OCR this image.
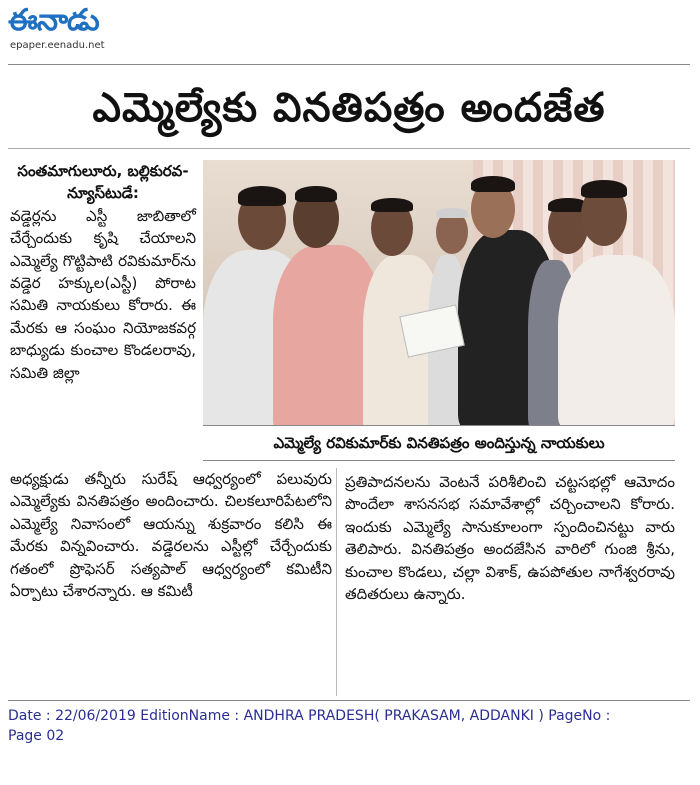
ఈనాడు
epaper.eenadu.net
ఎమ్మెల్యేకు వినతిపత్రం అందజేత

సంతమాగులూరు, బల్లికురవ- న్యూస్‌టుడే:

వడ్డెర్లను ఎస్టీ జాబితాలో చేర్చేందుకు కృషి చేయాలని ఎమ్మెల్యే గొట్టిపాటి రవికుమార్‌ను వడ్డెర హక్కుల(ఎస్టీ) పోరాట సమితి నాయకులు కోరారు. ఈ మేరకు ఆ సంఘం నియోజకవర్గ బాధ్యుడు కుంచాల కొండలరావు, సమితి జిల్లా

ఎమ్మెల్యే రవికుమార్‌కు వినతిపత్రం అందిస్తున్న నాయకులు

అధ్యక్షుడు తన్నీరు సురేష్ ఆధ్వర్యంలో పలువురు ఎమ్మెల్యేకు వినతిపత్రం అందించారు. చిలకలూరిపేటలోని ఎమ్మెల్యే నివాసంలో ఆయన్ను శుక్రవారం కలిసి ఈ మేరకు విన్నవించారు. వడ్డెరలను ఎస్టీల్లో చేర్చేందుకు గతంలో ప్రొఫెసర్ సత్యపాల్ ఆధ్వర్యంలో కమిటీని ఏర్పాటు చేశారన్నారు. ఆ కమిటీ

ప్రతిపాదనలను వెంటనే పరిశీలించి చట్టసభల్లో ఆమోదం పొందేలా శాసనసభ సమావేశాల్లో చర్చించాలని కోరారు. ఇందుకు ఎమ్మెల్యే సానుకూలంగా స్పందించినట్టు వారు తెలిపారు. వినతిపత్రం అందజేసిన వారిలో గుంజి శ్రీను, కుంచాల కొండలు, చల్లా విశాక్, ఉపపోతుల నాగేశ్వరరావు తదితరులు ఉన్నారు.

Date : 22/06/2019 EditionName : ANDHRA PRADESH( PRAKASAM, ADDANKI ) PageNo :
Page 02
